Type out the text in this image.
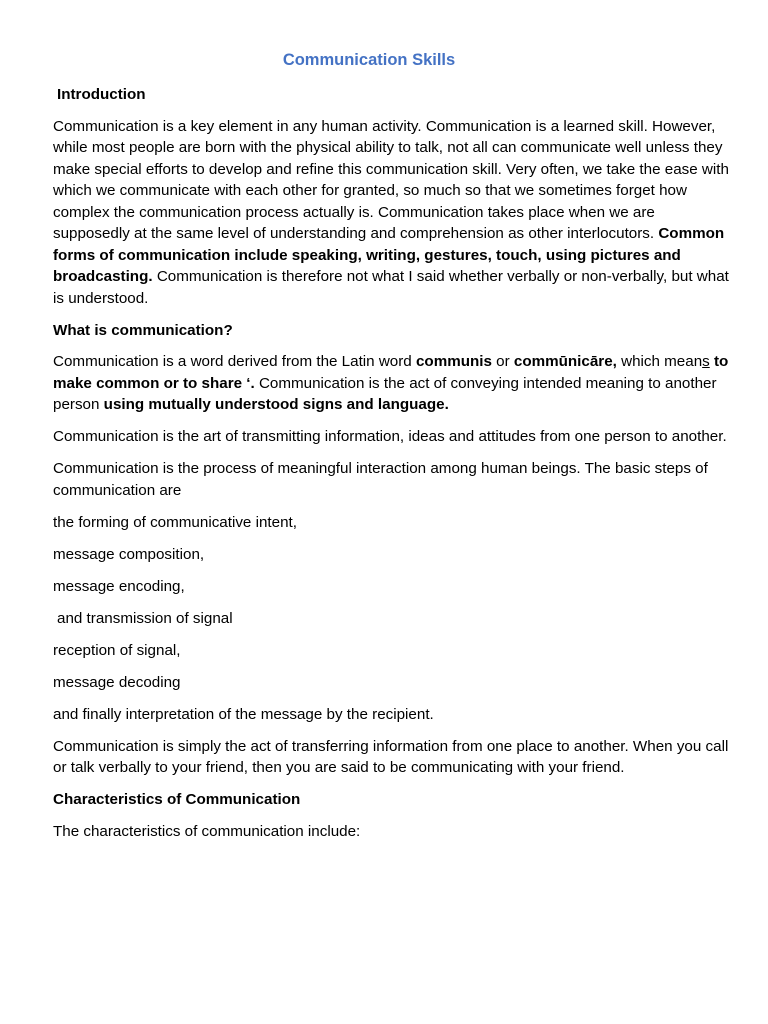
Communication Skills
Introduction

Communication is a key element in any human activity. Communication is a learned skill. However, while most people are born with the physical ability to talk, not all can communicate well unless they make special efforts to develop and refine this communication skill. Very often, we take the ease with which we communicate with each other for granted, so much so that we sometimes forget how complex the communication process actually is. Communication takes place when we are supposedly at the same level of understanding and comprehension as other interlocutors. Common forms of communication include speaking, writing, gestures, touch, using pictures and broadcasting. Communication is therefore not what I said whether verbally or non-verbally, but what is understood.

What is communication?

Communication is a word derived from the Latin word communis or commūnicāre, which means to make common or to share ‘. Communication is the act of conveying intended meaning to another person using mutually understood signs and language.

Communication is the art of transmitting information, ideas and attitudes from one person to another.

Communication is the process of meaningful interaction among human beings. The basic steps of communication are

the forming of communicative intent,
message composition,
message encoding,
and transmission of signal
reception of signal,
message decoding
and finally interpretation of the message by the recipient.

Communication is simply the act of transferring information from one place to another. When you call or talk verbally to your friend, then you are said to be communicating with your friend.

Characteristics of Communication

The characteristics of communication include:
